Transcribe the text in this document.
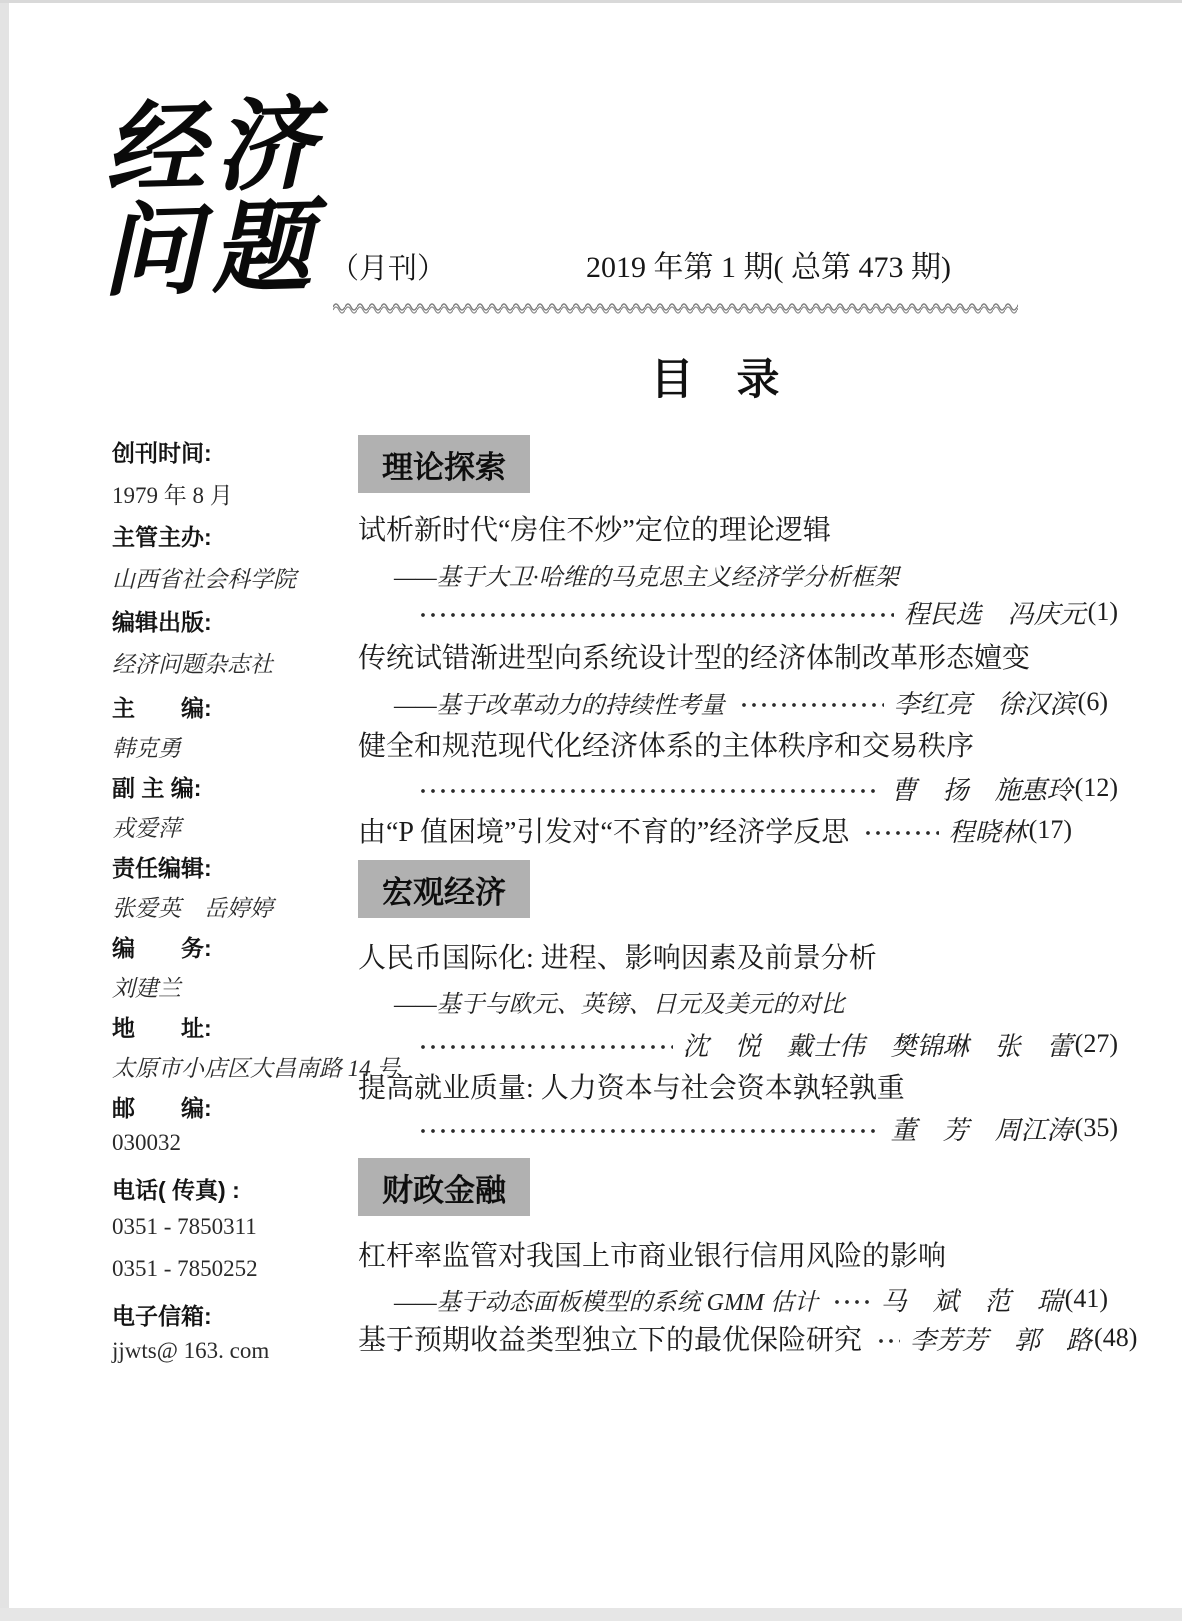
经济
问题 （月刊）	2019 年第 1 期( 总第 473 期)
目　录
创刊时间:
1979 年 8 月
主管主办:
山西省社会科学院
编辑出版:
经济问题杂志社
主　　编:
韩克勇
副 主 编:
戎爱萍
责任编辑:
张爱英　岳婷婷
编　　务:
刘建兰
地　　址:
太原市小店区大昌南路 14 号
邮　　编:
030032
电话( 传真) :
0351 - 7850311
0351 - 7850252
电子信箱:
jjwts@ 163. com
理论探索
试析新时代“房住不炒”定位的理论逻辑
——基于大卫·哈维的马克思主义经济学分析框架
程民选　冯庆元 (1)
传统试错渐进型向系统设计型的经济体制改革形态嬗变
——基于改革动力的持续性考量	李红亮　徐汉滨 (6)
健全和规范现代化经济体系的主体秩序和交易秩序
曹　扬　施惠玲 (12)
由“P 值困境”引发对“不育的”经济学反思	程晓林 (17)
宏观经济
人民币国际化: 进程、影响因素及前景分析
——基于与欧元、英镑、日元及美元的对比
沈　悦　戴士伟　樊锦琳　张　蕾 (27)
提高就业质量: 人力资本与社会资本孰轻孰重
董　芳　周江涛 (35)
财政金融
杠杆率监管对我国上市商业银行信用风险的影响
——基于动态面板模型的系统 GMM 估计 马　斌　范　瑞 (41)
基于预期收益类型独立下的最优保险研究 李芳芳　郭　路 (48)
